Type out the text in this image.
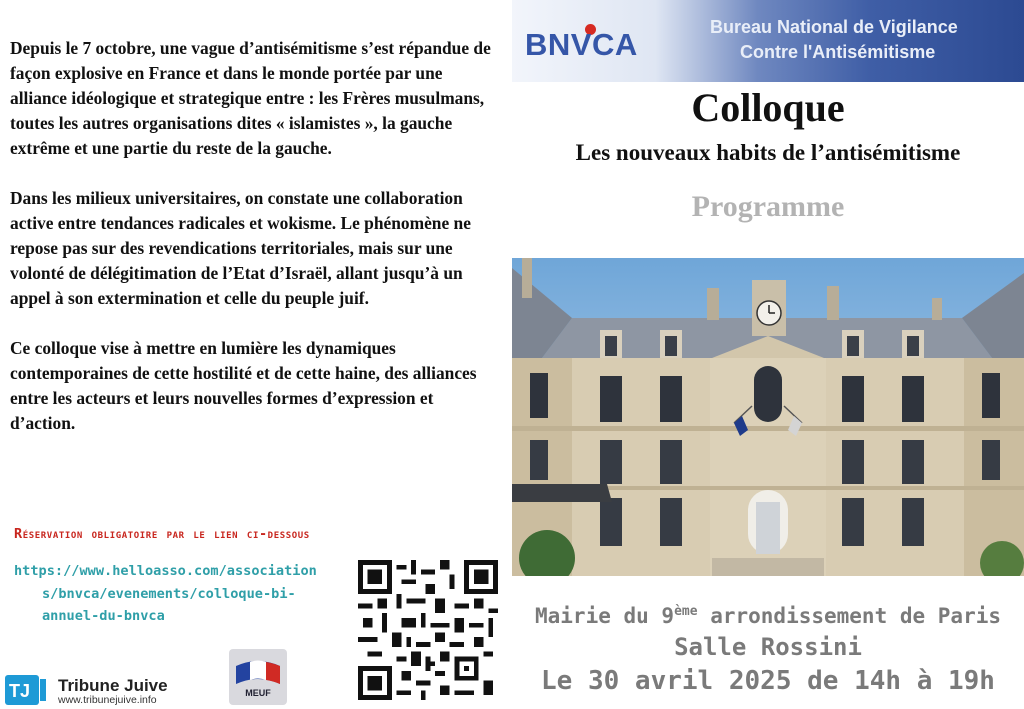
Depuis le 7 octobre, une vague d’antisémitisme s’est répandue de façon explosive en France et dans le monde portée par une alliance idéologique et strategique entre : les Frères musulmans, toutes les autres organisations dites « islamistes », la gauche extrême et une partie du reste de la gauche.

Dans les milieux universitaires, on constate une collaboration active entre tendances radicales et wokisme. Le phénomène ne repose pas sur des revendications territoriales, mais sur une volonté de délégitimation de l’Etat d’Israël, allant jusqu’à un appel à son extermination et celle du peuple juif.

Ce colloque vise à mettre en lumière les dynamiques contemporaines de cette hostilité et de cette haine, des alliances entre les acteurs et leurs nouvelles formes d’expression et d’action.

Réservation obligatoire par le lien ci-dessous
https://www.helloasso.com/association
s/bnvca/evenements/colloque-bi-
annuel-du-bnvca
TJ Tribune Juive
www.tribunejuive.info
MEUF
BNVCA	Bureau National de Vigilance
Contre l'Antisémitisme
Colloque
Les nouveaux habits de l’antisémitisme
Programme
Mairie du 9ème arrondissement de Paris
Salle Rossini
Le 30 avril 2025 de 14h à 19h
